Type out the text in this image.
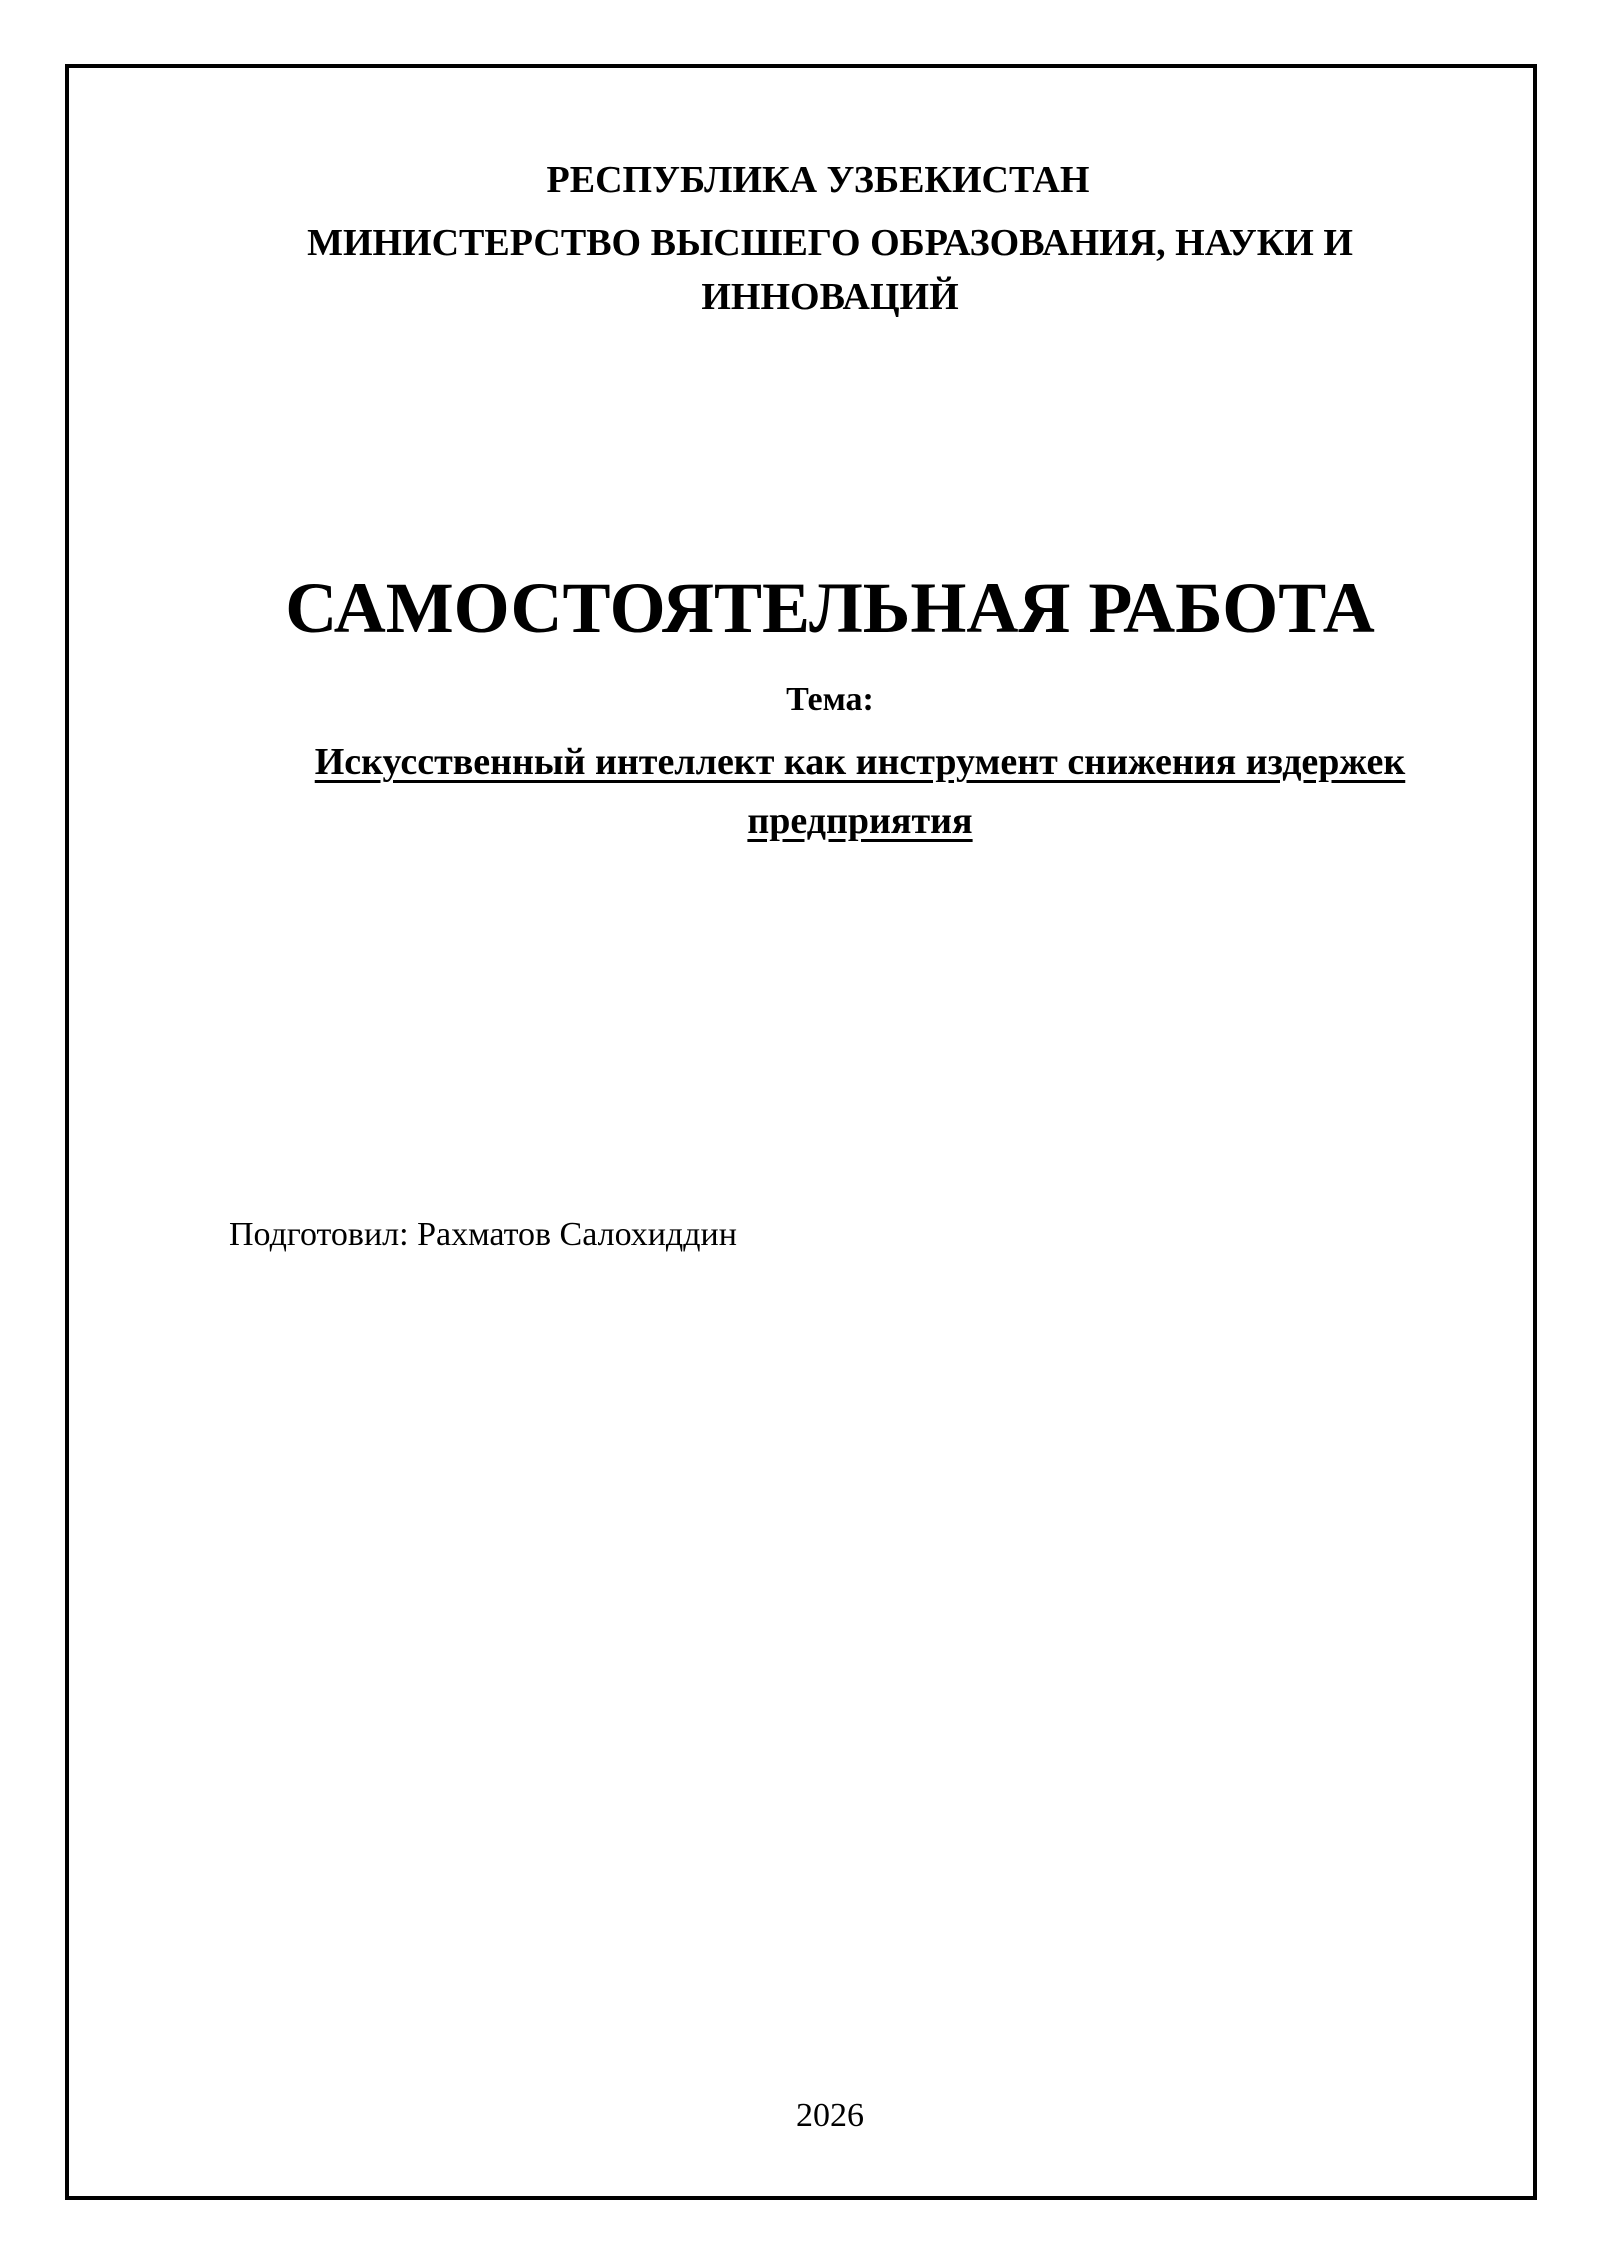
РЕСПУБЛИКА УЗБЕКИСТАН
МИНИСТЕРСТВО ВЫСШЕГО ОБРАЗОВАНИЯ, НАУКИ И
ИННОВАЦИЙ
САМОСТОЯТЕЛЬНАЯ РАБОТА
Тема:
Искусственный интеллект как инструмент снижения издержек предприятия
Подготовил: Рахматов Салохиддин
2026
